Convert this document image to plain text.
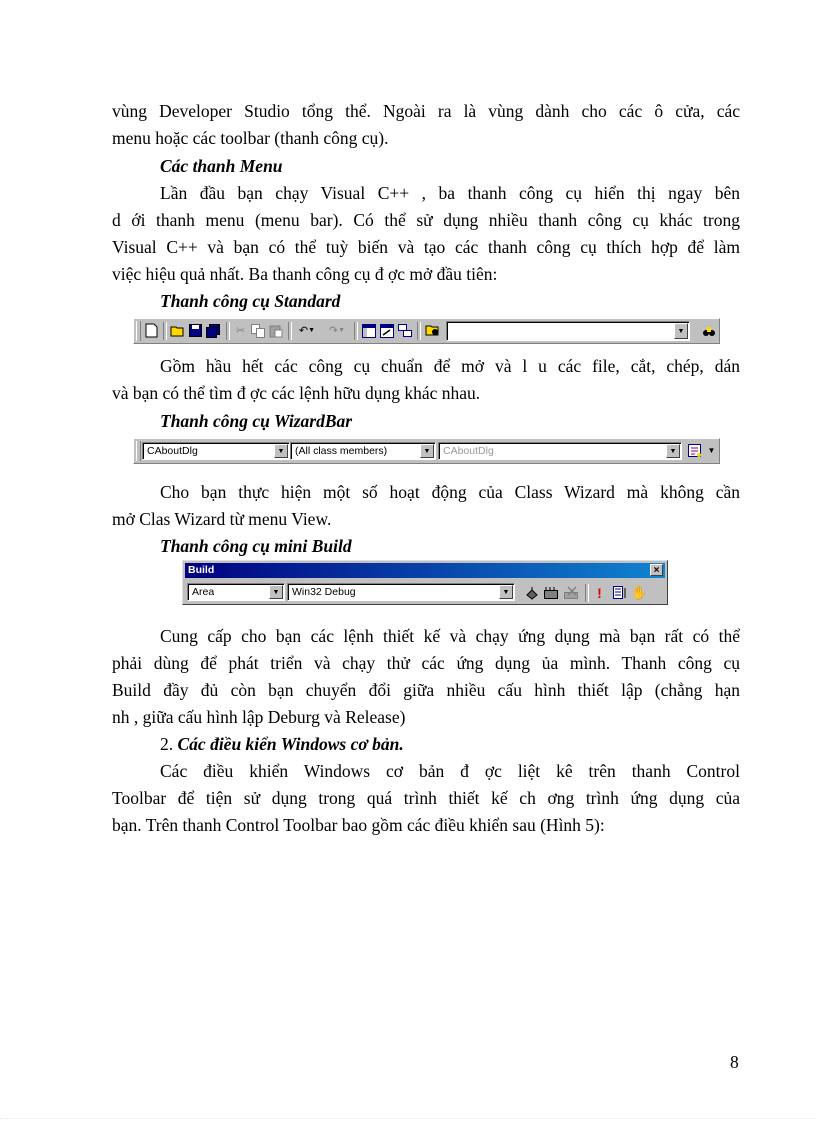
vùng Developer Studio tổng thể. Ngoài ra là vùng dành cho các ô cửa, các
menu hoặc các toolbar (thanh công cụ).
Các thanh Menu
Lần đầu bạn chạy Visual C++ , ba thanh công cụ hiển thị ngay bên
d ới thanh menu (menu bar). Có thể sử dụng nhiều thanh công cụ khác trong
Visual C++ và bạn có thể tuỳ biến và tạo các thanh công cụ thích hợp để làm
việc hiệu quả nhất. Ba thanh công cụ đ ợc mở đầu tiên:
Thanh công cụ Standard
✂	↶ ▼	↷ ▼	▼
Gồm hầu hết các công cụ chuẩn để mở và l u các file, cắt, chép, dán
và bạn có thể tìm đ ợc các lệnh hữu dụng khác nhau.
Thanh công cụ WizardBar
CAboutDlg	▼	(All class members)	▼	CAboutDlg	▼	▼
Cho bạn thực hiện một số hoạt động của Class Wizard mà không cần
mở Clas Wizard từ menu View.
Thanh công cụ mini Build
Build	×
Area	▼	Win32 Debug	▼	!	✋
Cung cấp cho bạn các lệnh thiết kế và chạy ứng dụng mà bạn rất có thể
phải dùng để phát triển và chạy thử các ứng dụng ủa mình. Thanh công cụ
Build đầy đủ còn bạn chuyển đổi giữa nhiều cấu hình thiết lập (chẳng hạn
nh , giữa cấu hình lập Deburg và Release)
2. Các điều kiển Windows cơ bản.
Các điều khiển Windows cơ bản đ ợc liệt kê trên thanh Control
Toolbar để tiện sử dụng trong quá trình thiết kế ch ơng trình ứng dụng của
bạn. Trên thanh Control Toolbar bao gồm các điều khiển sau (Hình 5):
8
